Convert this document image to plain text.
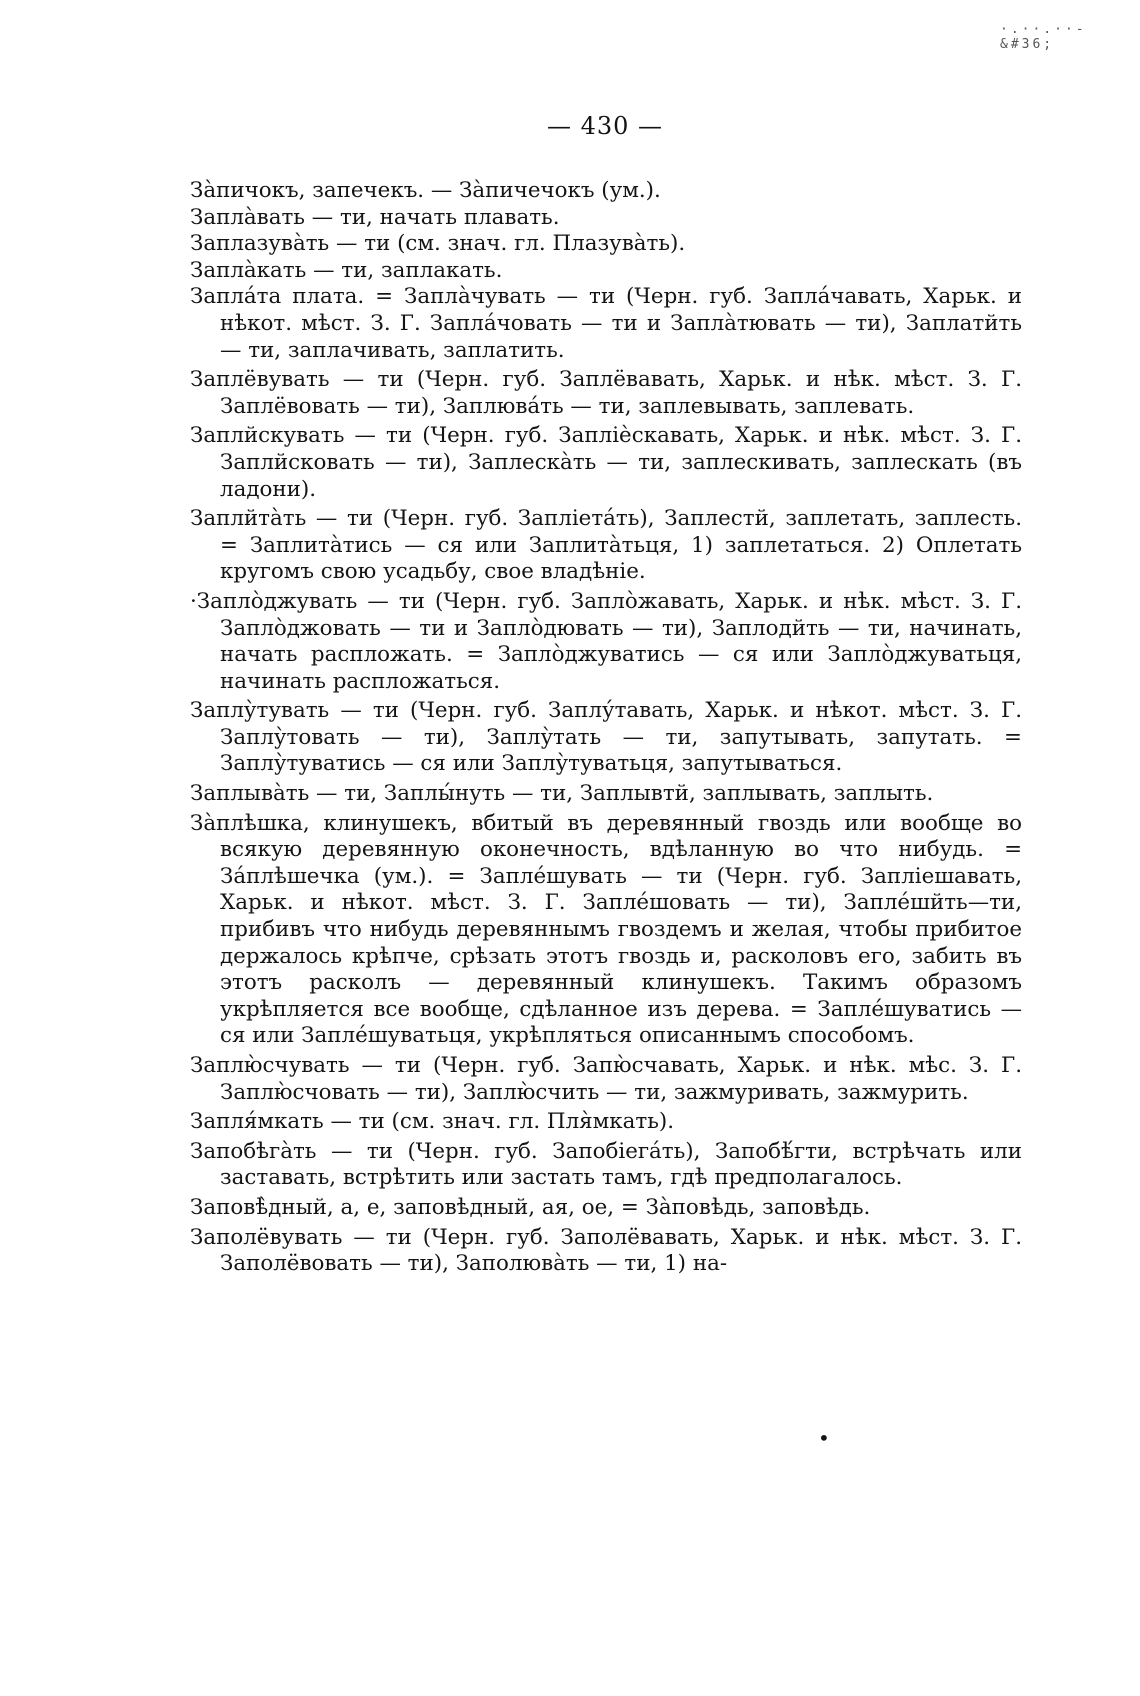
·.··.··-&#36;
— 430 —
За̀пичокъ, запечекъ. — За̀пичечокъ (ум.).
Запла̀вать — ти, начать плавать.
Заплазува̀ть — ти (см. знач. гл. Плазува̀ть).
Запла̀кать — ти, заплакать.
Запла́та плата. = Запла̀чувать — ти (Черн. губ. Запла́чавать, Харьк. и нѣкот. мѣст. З. Г. Запла́човать — ти и Запла̀тювать — ти), Заплатйть — ти, заплачивать, заплатить.
Заплёвувать — ти (Черн. губ. Заплёвавать, Харьк. и нѣк. мѣст. З. Г. Заплёвовать — ти), Заплюва́ть — ти, заплевывать, заплевать.
Заплйскувать — ти (Черн. губ. Заплiѐскавать, Харьк. и нѣк. мѣст. З. Г. Заплйсковать — ти), Заплеска̀ть — ти, заплескивать, заплескать (въ ладони).
Заплйта̀ть — ти (Черн. губ. Заплiета́ть), Заплестй, заплетать, заплесть. = Заплита̀тись — ся или Заплита̀тьця, 1) заплетаться. 2) Оплетать кругомъ свою усадьбу, свое владѣнiе.
·Запло̀джувать — ти (Черн. губ. Запло̀жавать, Харьк. и нѣк. мѣст. З. Г. Запло̀джовать — ти и Запло̀дювать — ти), Заплодйть — ти, начинать, начать распложать. = Запло̀джуватись — ся или Запло̀джуватьця, начинать распложаться.
Заплу̀тувать — ти (Черн. губ. Заплу́тавать, Харьк. и нѣкот. мѣст. З. Г. Заплу̀товать — ти), Заплу̀тать — ти, запутывать, запутать. = Заплу̀туватись — ся или Заплу̀туватьця, запутываться.
Заплыва̀ть — ти, Заплы́нуть — ти, Заплывтй, заплывать, заплыть.
За̀плѣшка, клинушекъ, вбитый въ деревянный гвоздь или вообще во всякую деревянную оконечность, вдѣланную во что нибудь. = За́плѣшечка (ум.). = Запле́шувать — ти (Черн. губ. Заплiешавать, Харьк. и нѣкот. мѣст. З. Г. Запле́шовать — ти), Запле́шйть—ти, прибивъ что нибудь деревяннымъ гвоздемъ и желая, чтобы прибитое держалось крѣпче, срѣзать этотъ гвоздь и, расколовъ его, забить въ этотъ расколъ — деревянный клинушекъ. Такимъ образомъ укрѣпляется все вообще, сдѣланное изъ дерева. = Запле́шуватись — ся или Запле́шуватьця, укрѣпляться описаннымъ способомъ.
Заплю̀счувать — ти (Черн. губ. Запю̀счавать, Харьк. и нѣк. мѣс. З. Г. Заплю̀счовать — ти), Заплю̀счить — ти, зажмуривать, зажмурить.
Запля́мкать — ти (см. знач. гл. Пля̀мкать).
Запобѣга̀ть — ти (Черн. губ. Запобiега́ть), Запобѣ́гти, встрѣчать или заставать, встрѣтить или застать тамъ, гдѣ предполагалось.
Заповѣ̀дный, а, е, заповѣдный, ая, ое, = За̀повѣдь, заповѣдь.
Заполёвувать — ти (Черн. губ. Заполёвавать, Харьк. и нѣк. мѣст. З. Г. Заполёвовать — ти), Заполюва̀ть — ти, 1) на-
•
